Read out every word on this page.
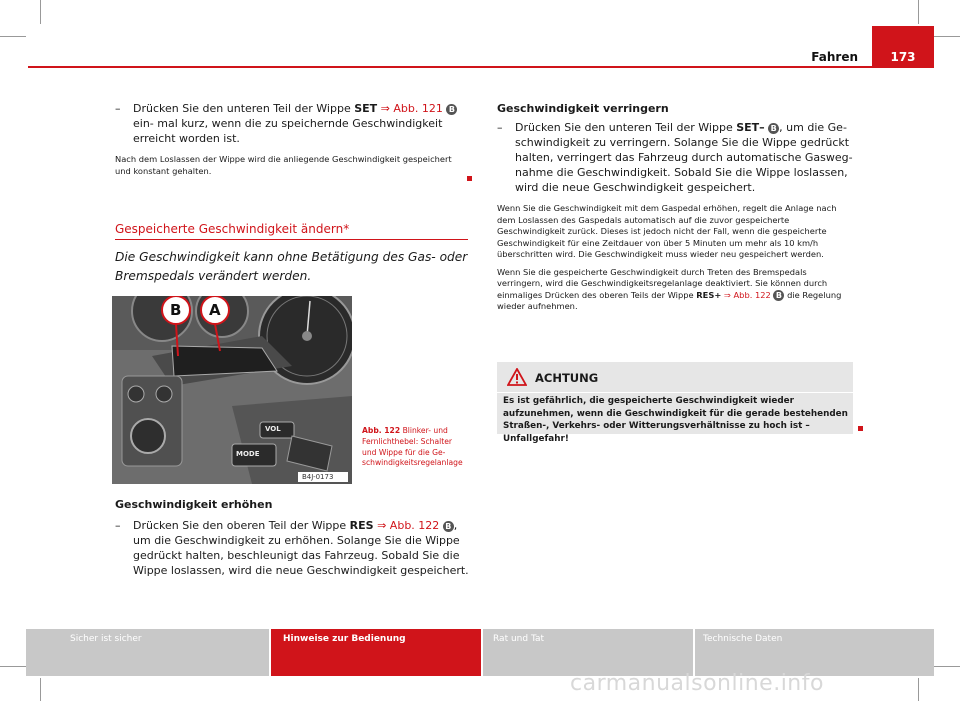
Fahren	173
– Drücken Sie den unteren Teil der Wippe SET ⇒ Abb. 121 B ein- mal kurz, wenn die zu speichernde Geschwindigkeit erreicht worden ist.
Nach dem Loslassen der Wippe wird die anliegende Geschwindigkeit gespeichert und konstant gehalten.
Gespeicherte Geschwindigkeit ändern*
Die Geschwindigkeit kann ohne Betätigung des Gas- oder Bremspedals verändert werden.
B A
VOL
MODE
B4J-0173
Abb. 122 Blinker- und Fernlichthebel: Schalter und Wippe für die Geschwindigkeitsregelanlage
Geschwindigkeit erhöhen
– Drücken Sie den oberen Teil der Wippe RES ⇒ Abb. 122 B , um die Geschwindigkeit zu erhöhen. Solange Sie die Wippe gedrückt halten, beschleunigt das Fahrzeug. Sobald Sie die Wippe loslassen, wird die neue Geschwindigkeit gespeichert.
Geschwindigkeit verringern
– Drücken Sie den unteren Teil der Wippe SET– B , um die Ge- schwindigkeit zu verringern. Solange Sie die Wippe gedrückt halten, verringert das Fahrzeug durch automatische Gaswegnahme die Geschwindigkeit. Sobald Sie die Wippe loslassen, wird die neue Geschwindigkeit gespeichert.
Wenn Sie die Geschwindigkeit mit dem Gaspedal erhöhen, regelt die Anlage nach dem Loslassen des Gaspedals automatisch auf die zuvor gespeicherte Geschwindigkeit zurück. Dieses ist jedoch nicht der Fall, wenn die gespeicherte Geschwindigkeit für eine Zeitdauer von über 5 Minuten um mehr als 10 km/h überschritten wird. Die Geschwindigkeit muss wieder neu gespeichert werden.
Wenn Sie die gespeicherte Geschwindigkeit durch Treten des Bremspedals verringern, wird die Geschwindigkeitsregelanlage deaktiviert. Sie können durch einmaliges Drücken des oberen Teils der Wippe RES+ ⇒ Abb. 122 B die Regelung wieder aufnehmen.
ACHTUNG
Es ist gefährlich, die gespeicherte Geschwindigkeit wieder aufzunehmen, wenn die Geschwindigkeit für die gerade bestehenden Straßen-, Verkehrs- oder Witterungsverhältnisse zu hoch ist – Unfallgefahr!
Sicher ist sicher	Hinweise zur Bedienung	Rat und Tat	Technische Daten
carmanualsonline.info
